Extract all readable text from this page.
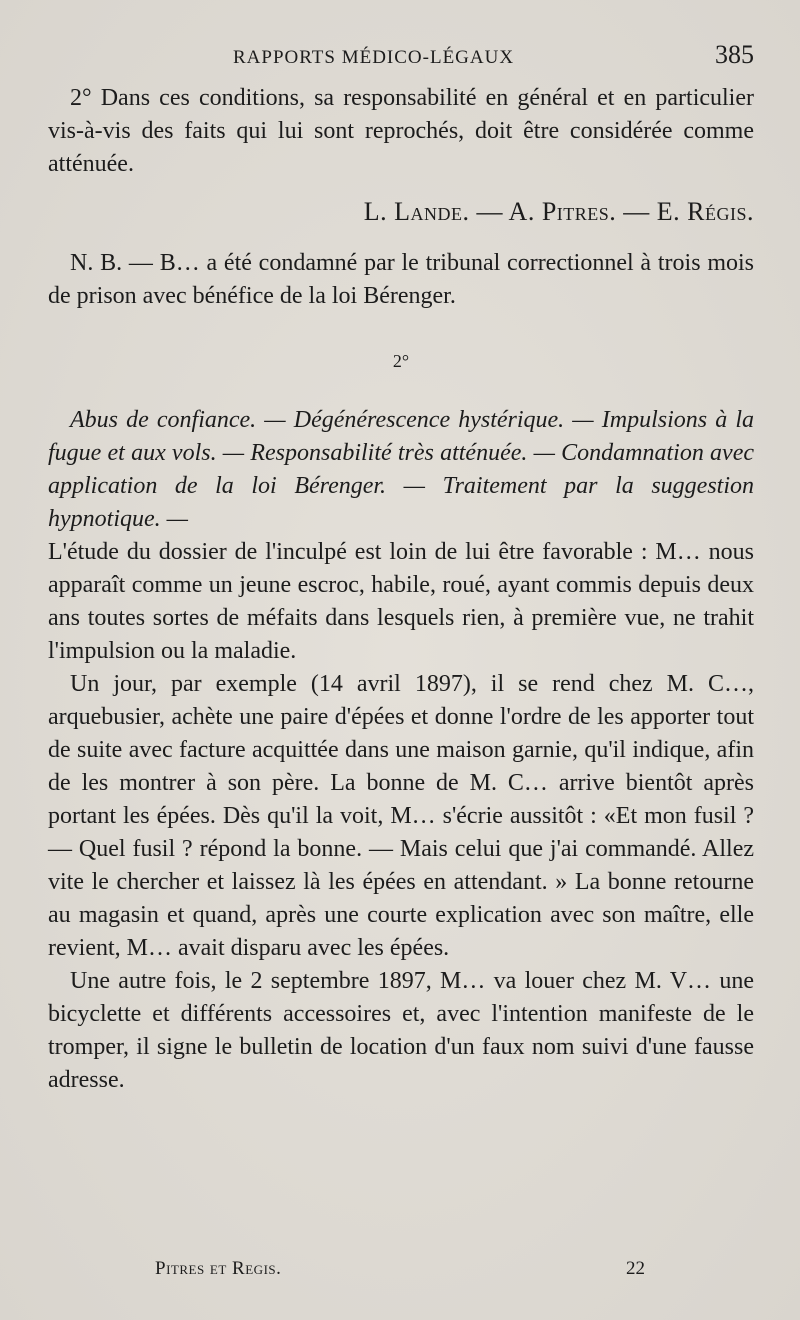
RAPPORTS MÉDICO-LÉGAUX	385

2° Dans ces conditions, sa responsabilité en général et en particulier vis-à-vis des faits qui lui sont reprochés, doit être considérée comme atténuée.

L. Lande. — A. Pitres. — E. Régis.

N. B. — B… a été condamné par le tribunal correctionnel à trois mois de prison avec bénéfice de la loi Bérenger.

2°

Abus de confiance. — Dégénérescence hystérique. — Impulsions à la fugue et aux vols. — Responsabilité très atténuée. — Condamnation avec application de la loi Bérenger. — Traitement par la suggestion hypnotique. —

L'étude du dossier de l'inculpé est loin de lui être favorable : M… nous apparaît comme un jeune escroc, habile, roué, ayant commis depuis deux ans toutes sortes de méfaits dans lesquels rien, à première vue, ne trahit l'impulsion ou la maladie.

Un jour, par exemple (14 avril 1897), il se rend chez M. C…, arquebusier, achète une paire d'épées et donne l'ordre de les apporter tout de suite avec facture acquittée dans une maison garnie, qu'il indique, afin de les montrer à son père. La bonne de M. C… arrive bientôt après portant les épées. Dès qu'il la voit, M… s'écrie aussitôt : «Et mon fusil ? — Quel fusil ? répond la bonne. — Mais celui que j'ai commandé. Allez vite le chercher et laissez là les épées en attendant. » La bonne retourne au magasin et quand, après une courte explication avec son maître, elle revient, M… avait disparu avec les épées.

Une autre fois, le 2 septembre 1897, M… va louer chez M. V… une bicyclette et différents accessoires et, avec l'intention manifeste de le tromper, il signe le bulletin de location d'un faux nom suivi d'une fausse adresse.

Pitres et Regis.	22
